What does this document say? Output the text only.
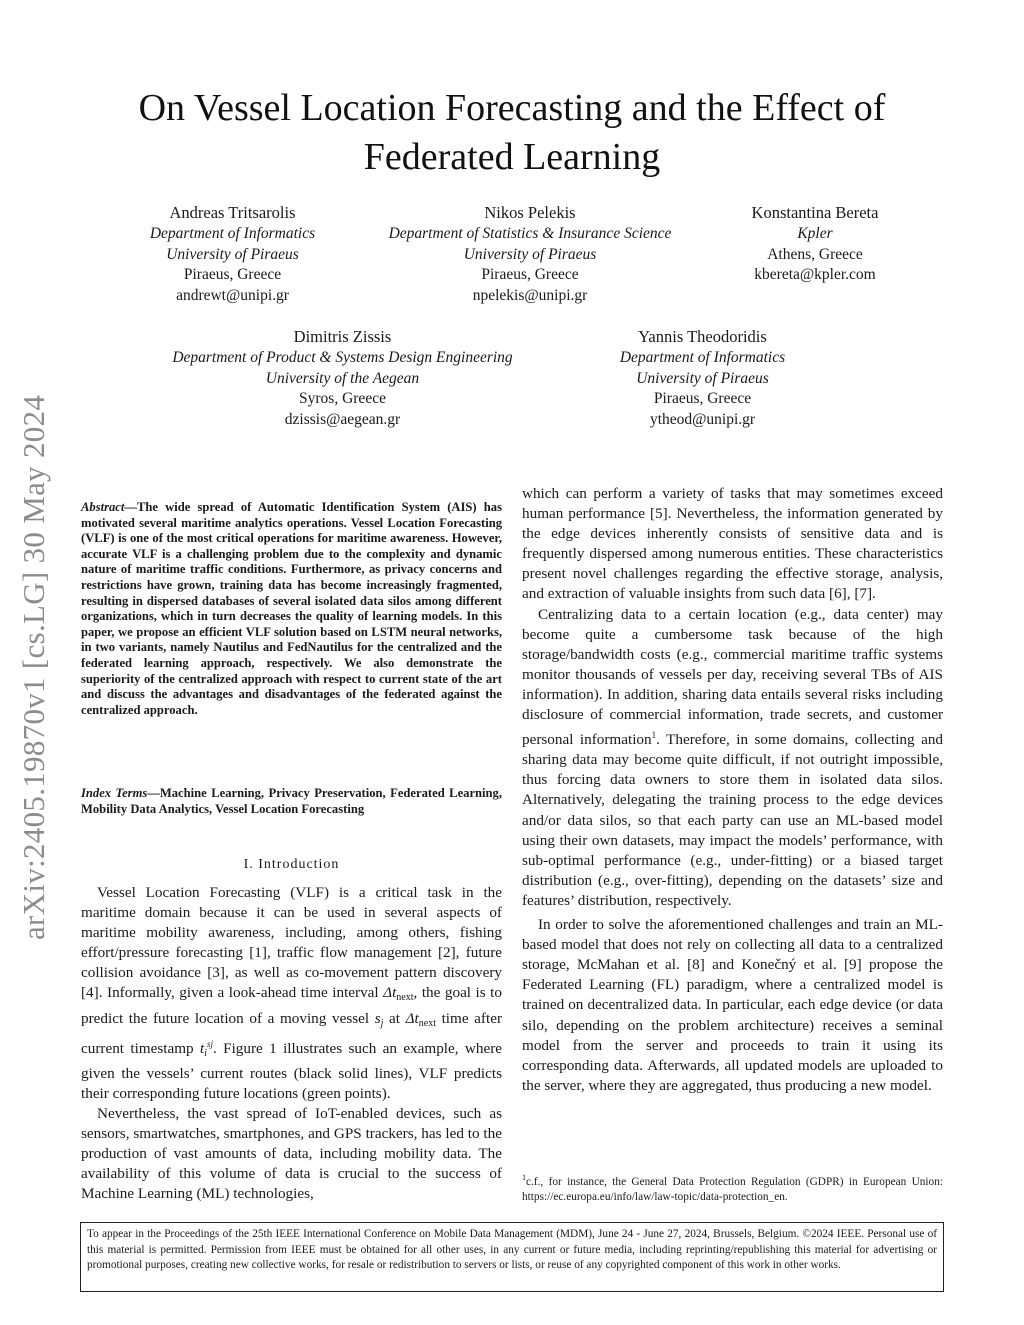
arXiv:2405.19870v1 [cs.LG] 30 May 2024
On Vessel Location Forecasting and the Effect of Federated Learning
Andreas Tritsarolis
Department of Informatics
University of Piraeus
Piraeus, Greece
andrewt@unipi.gr
Nikos Pelekis
Department of Statistics & Insurance Science
University of Piraeus
Piraeus, Greece
npelekis@unipi.gr
Konstantina Bereta
Kpler
Athens, Greece
kbereta@kpler.com
Dimitris Zissis
Department of Product & Systems Design Engineering
University of the Aegean
Syros, Greece
dzissis@aegean.gr
Yannis Theodoridis
Department of Informatics
University of Piraeus
Piraeus, Greece
ytheod@unipi.gr
Abstract—The wide spread of Automatic Identification System (AIS) has motivated several maritime analytics operations. Vessel Location Forecasting (VLF) is one of the most critical operations for maritime awareness. However, accurate VLF is a challenging problem due to the complexity and dynamic nature of maritime traffic conditions. Furthermore, as privacy concerns and restrictions have grown, training data has become increasingly fragmented, resulting in dispersed databases of several isolated data silos among different organizations, which in turn decreases the quality of learning models. In this paper, we propose an efficient VLF solution based on LSTM neural networks, in two variants, namely Nautilus and FedNautilus for the centralized and the federated learning approach, respectively. We also demonstrate the superiority of the centralized approach with respect to current state of the art and discuss the advantages and disadvantages of the federated against the centralized approach.
Index Terms—Machine Learning, Privacy Preservation, Federated Learning, Mobility Data Analytics, Vessel Location Forecasting
I. Introduction

Vessel Location Forecasting (VLF) is a critical task in the maritime domain because it can be used in several aspects of maritime mobility awareness, including, among others, fishing effort/pressure forecasting [1], traffic flow management [2], future collision avoidance [3], as well as co-movement pattern discovery [4]. Informally, given a look-ahead time interval $\Delta t_{next}$, the goal is to predict the future location of a moving vessel $s_j$ at $\Delta t_{next}$ time after current timestamp $t_i^{sj}$. Figure 1 illustrates such an example, where given the vessels’ current routes (black solid lines), VLF predicts their corresponding future locations (green points).

Nevertheless, the vast spread of IoT-enabled devices, such as sensors, smartwatches, smartphones, and GPS trackers, has led to the production of vast amounts of data, including mobility data. The availability of this volume of data is crucial to the success of Machine Learning (ML) technologies,

which can perform a variety of tasks that may sometimes exceed human performance [5]. Nevertheless, the information generated by the edge devices inherently consists of sensitive data and is frequently dispersed among numerous entities. These characteristics present novel challenges regarding the effective storage, analysis, and extraction of valuable insights from such data [6], [7].

Centralizing data to a certain location (e.g., data center) may become quite a cumbersome task because of the high storage/bandwidth costs (e.g., commercial maritime traffic systems monitor thousands of vessels per day, receiving several TBs of AIS information). In addition, sharing data entails several risks including disclosure of commercial information, trade secrets, and customer personal information$^1$. Therefore, in some domains, collecting and sharing data may become quite difficult, if not outright impossible, thus forcing data owners to store them in isolated data silos. Alternatively, delegating the training process to the edge devices and/or data silos, so that each party can use an ML-based model using their own datasets, may impact the models’ performance, with sub-optimal performance (e.g., under-fitting) or a biased target distribution (e.g., over-fitting), depending on the datasets’ size and features’ distribution, respectively.

In order to solve the aforementioned challenges and train an ML-based model that does not rely on collecting all data to a centralized storage, McMahan et al. [8] and Konečný et al. [9] propose the Federated Learning (FL) paradigm, where a centralized model is trained on decentralized data. In particular, each edge device (or data silo, depending on the problem architecture) receives a seminal model from the server and proceeds to train it using its corresponding data. Afterwards, all updated models are uploaded to the server, where they are aggregated, thus producing a new model.

$^1$c.f., for instance, the General Data Protection Regulation (GDPR) in European Union: https://ec.europa.eu/info/law/law-topic/data-protection_en.
To appear in the Proceedings of the 25th IEEE International Conference on Mobile Data Management (MDM), June 24 - June 27, 2024, Brussels, Belgium. ©2024 IEEE. Personal use of this material is permitted. Permission from IEEE must be obtained for all other uses, in any current or future media, including reprinting/republishing this material for advertising or promotional purposes, creating new collective works, for resale or redistribution to servers or lists, or reuse of any copyrighted component of this work in other works.
